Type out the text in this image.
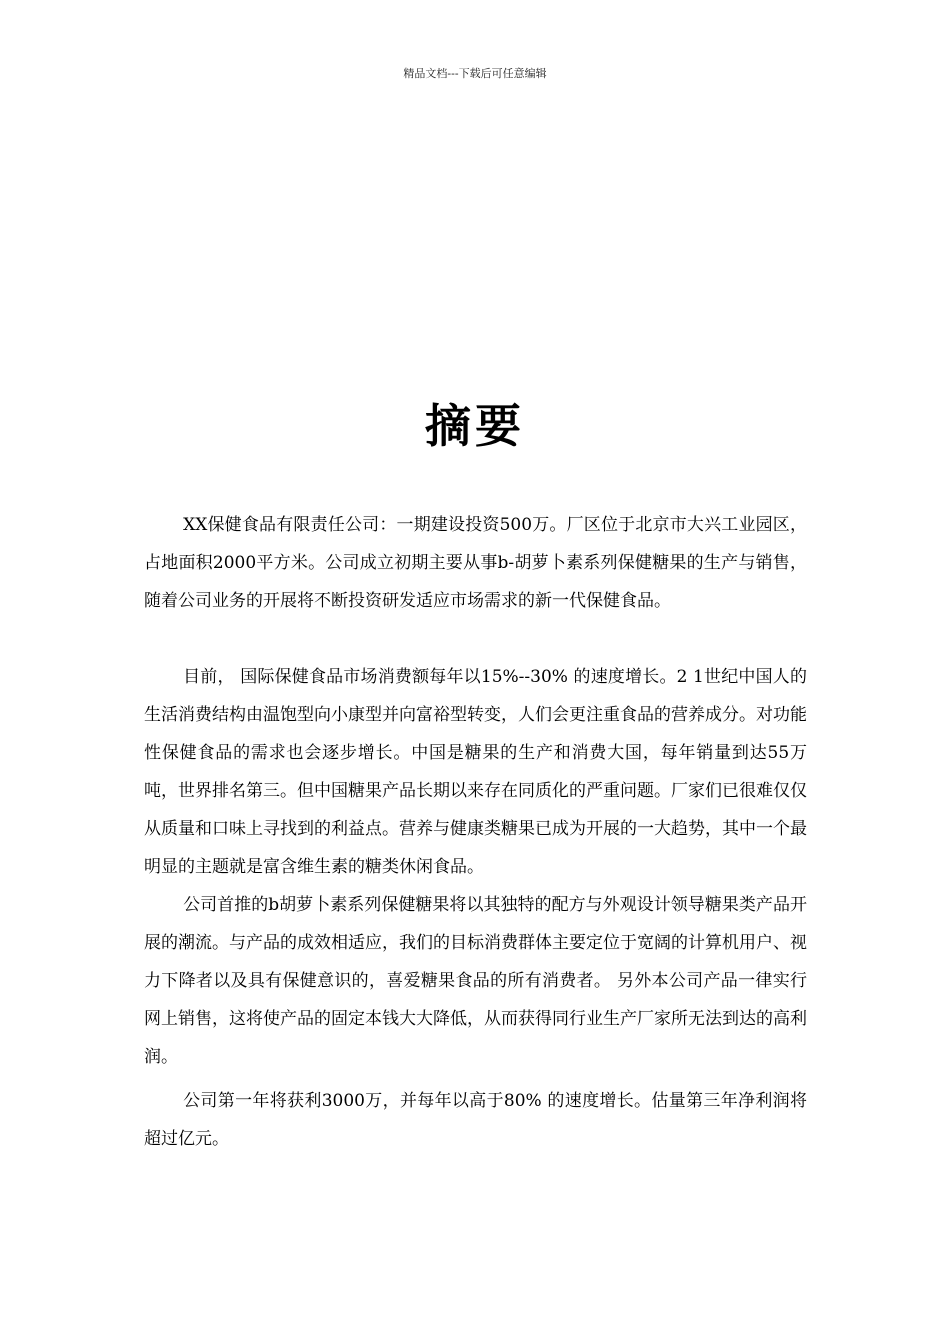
精品文档---下载后可任意编辑
摘要

XX保健食品有限责任公司：一期建设投资500万。厂区位于北京市大兴工业园区，占地面积2000平方米。公司成立初期主要从事b-胡萝卜素系列保健糖果的生产与销售，随着公司业务的开展将不断投资研发适应市场需求的新一代保健食品。

目前， 国际保健食品市场消费额每年以15%--30% 的速度增长。2 1世纪中国人的生活消费结构由温饱型向小康型并向富裕型转变，人们会更注重食品的营养成分。对功能性保健食品的需求也会逐步增长。中国是糖果的生产和消费大国，每年销量到达55万吨，世界排名第三。但中国糖果产品长期以来存在同质化的严重问题。厂家们已很难仅仅从质量和口味上寻找到的利益点。营养与健康类糖果已成为开展的一大趋势，其中一个最明显的主题就是富含维生素的糖类休闲食品。

公司首推的b胡萝卜素系列保健糖果将以其独特的配方与外观设计领导糖果类产品开展的潮流。与产品的成效相适应，我们的目标消费群体主要定位于宽阔的计算机用户、视力下降者以及具有保健意识的，喜爱糖果食品的所有消费者。 另外本公司产品一律实行网上销售，这将使产品的固定本钱大大降低，从而获得同行业生产厂家所无法到达的高利润。

公司第一年将获利3000万，并每年以高于80% 的速度增长。估量第三年净利润将超过亿元。
